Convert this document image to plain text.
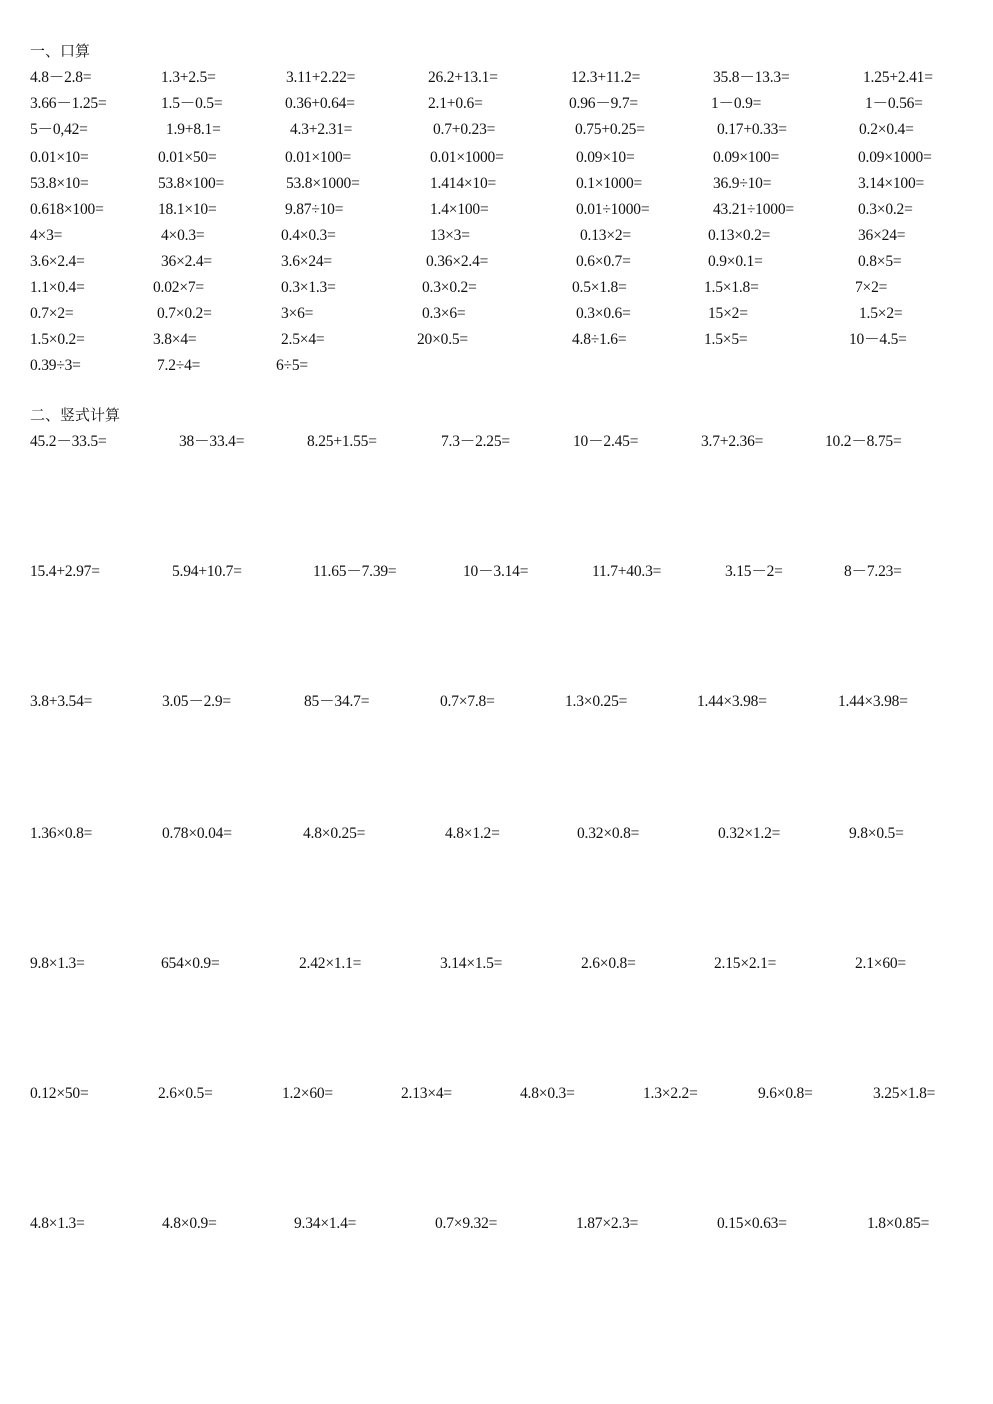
一、口算
4.8－2.8=	1.3+2.5=	3.11+2.22=	26.2+13.1=	12.3+11.2=	35.8－13.3=	1.25+2.41=
3.66－1.25=	1.5－0.5=	0.36+0.64=	2.1+0.6=	0.96－9.7=	1－0.9=	1－0.56=
5－0,42=	1.9+8.1=	4.3+2.31=	0.7+0.23=	0.75+0.25=	0.17+0.33=	0.2×0.4=
0.01×10=	0.01×50=	0.01×100=	0.01×1000=	0.09×10=	0.09×100=	0.09×1000=
53.8×10=	53.8×100=	53.8×1000=	1.414×10=	0.1×1000=	36.9÷10=	3.14×100=
0.618×100=	18.1×10=	9.87÷10=	1.4×100=	0.01÷1000=	43.21÷1000=	0.3×0.2=
4×3=	4×0.3=	0.4×0.3=	13×3=	0.13×2=	0.13×0.2=	36×24=
3.6×2.4=	36×2.4=	3.6×24=	0.36×2.4=	0.6×0.7=	0.9×0.1=	0.8×5=
1.1×0.4=	0.02×7=	0.3×1.3=	0.3×0.2=	0.5×1.8=	1.5×1.8=	7×2=
0.7×2=	0.7×0.2=	3×6=	0.3×6=	0.3×0.6=	15×2=	1.5×2=
1.5×0.2=	3.8×4=	2.5×4=	20×0.5=	4.8÷1.6=	1.5×5=	10－4.5=
0.39÷3=	7.2÷4=	6÷5=
二、竖式计算
45.2－33.5=	38－33.4=	8.25+1.55=	7.3－2.25=	10－2.45=	3.7+2.36=	10.2－8.75=
15.4+2.97=	5.94+10.7=	11.65－7.39=	10－3.14=	11.7+40.3=	3.15－2=	8－7.23=
3.8+3.54=	3.05－2.9=	85－34.7=	0.7×7.8=	1.3×0.25=	1.44×3.98=	1.44×3.98=
1.36×0.8=	0.78×0.04=	4.8×0.25=	4.8×1.2=	0.32×0.8=	0.32×1.2=	9.8×0.5=
9.8×1.3=	654×0.9=	2.42×1.1=	3.14×1.5=	2.6×0.8=	2.15×2.1=	2.1×60=
0.12×50=	2.6×0.5=	1.2×60=	2.13×4=	4.8×0.3=	1.3×2.2=	9.6×0.8=	3.25×1.8=
4.8×1.3=	4.8×0.9=	9.34×1.4=	0.7×9.32=	1.87×2.3=	0.15×0.63=	1.8×0.85=
